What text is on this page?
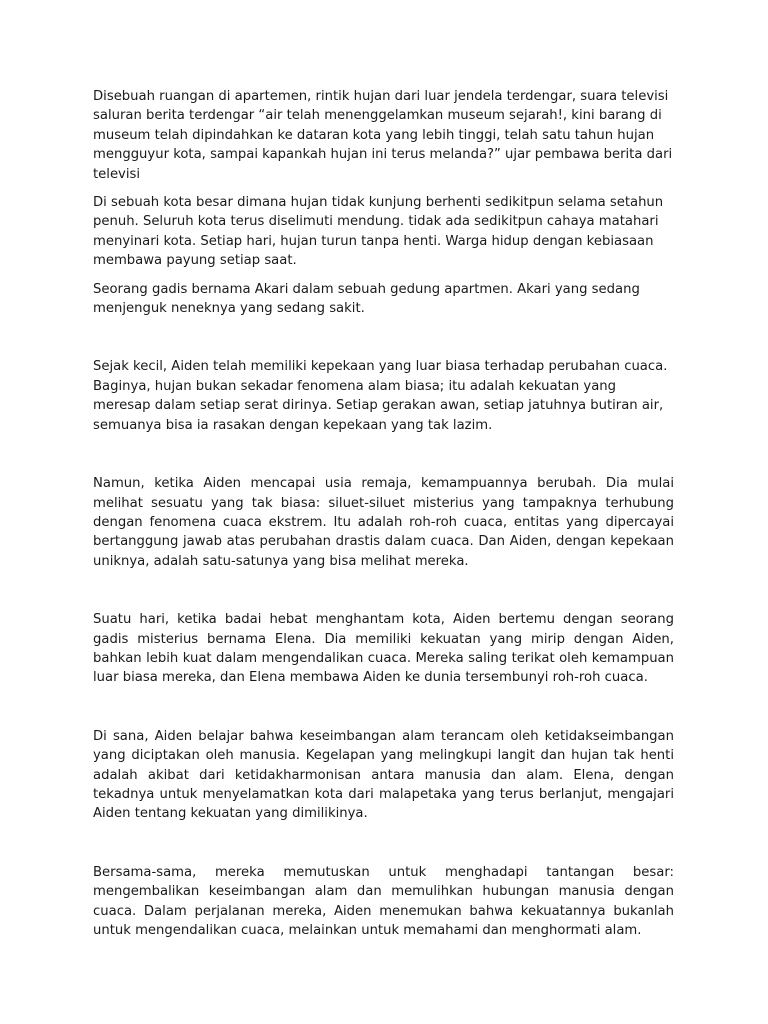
Disebuah ruangan di apartemen, rintik hujan dari luar jendela terdengar, suara televisi saluran berita terdengar “air telah menenggelamkan museum sejarah!, kini barang di museum telah dipindahkan ke dataran kota yang lebih tinggi, telah satu tahun hujan mengguyur kota, sampai kapankah hujan ini terus melanda?” ujar pembawa berita dari televisi

Di sebuah kota besar dimana hujan tidak kunjung berhenti sedikitpun selama setahun penuh. Seluruh kota terus diselimuti mendung. tidak ada sedikitpun cahaya matahari menyinari kota. Setiap hari, hujan turun tanpa henti. Warga hidup dengan kebiasaan membawa payung setiap saat.

Seorang gadis bernama Akari dalam sebuah gedung apartmen. Akari yang sedang menjenguk neneknya yang sedang sakit.

Sejak kecil, Aiden telah memiliki kepekaan yang luar biasa terhadap perubahan cuaca. Baginya, hujan bukan sekadar fenomena alam biasa; itu adalah kekuatan yang meresap dalam setiap serat dirinya. Setiap gerakan awan, setiap jatuhnya butiran air, semuanya bisa ia rasakan dengan kepekaan yang tak lazim.

Namun, ketika Aiden mencapai usia remaja, kemampuannya berubah. Dia mulai melihat sesuatu yang tak biasa: siluet-siluet misterius yang tampaknya terhubung dengan fenomena cuaca ekstrem. Itu adalah roh-roh cuaca, entitas yang dipercayai bertanggung jawab atas perubahan drastis dalam cuaca. Dan Aiden, dengan kepekaan uniknya, adalah satu-satunya yang bisa melihat mereka.

Suatu hari, ketika badai hebat menghantam kota, Aiden bertemu dengan seorang gadis misterius bernama Elena. Dia memiliki kekuatan yang mirip dengan Aiden, bahkan lebih kuat dalam mengendalikan cuaca. Mereka saling terikat oleh kemampuan luar biasa mereka, dan Elena membawa Aiden ke dunia tersembunyi roh-roh cuaca.

Di sana, Aiden belajar bahwa keseimbangan alam terancam oleh ketidakseimbangan yang diciptakan oleh manusia. Kegelapan yang melingkupi langit dan hujan tak henti adalah akibat dari ketidakharmonisan antara manusia dan alam. Elena, dengan tekadnya untuk menyelamatkan kota dari malapetaka yang terus berlanjut, mengajari Aiden tentang kekuatan yang dimilikinya.

Bersama-sama, mereka memutuskan untuk menghadapi tantangan besar: mengembalikan keseimbangan alam dan memulihkan hubungan manusia dengan cuaca. Dalam perjalanan mereka, Aiden menemukan bahwa kekuatannya bukanlah untuk mengendalikan cuaca, melainkan untuk memahami dan menghormati alam.
